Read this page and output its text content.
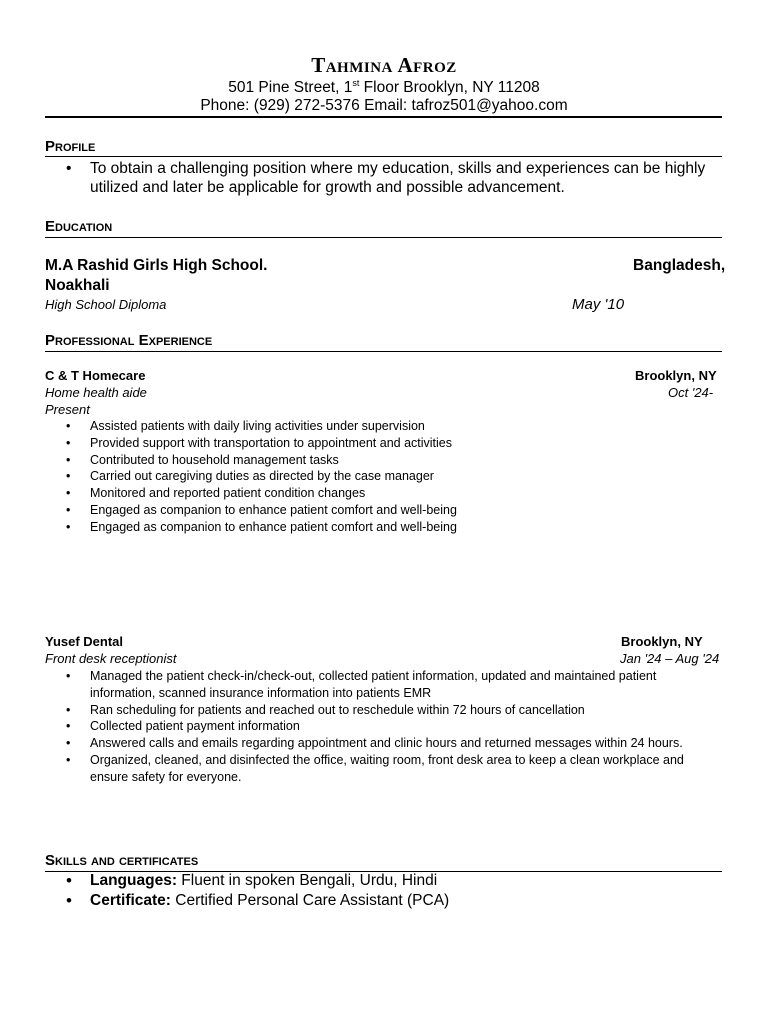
Tahmina Afroz
501 Pine Street, 1st Floor Brooklyn, NY 11208
Phone: (929) 272-5376 Email: tafroz501@yahoo.com
Profile
• To obtain a challenging position where my education, skills and experiences can be highly utilized and later be applicable for growth and possible advancement.
Education
M.A Rashid Girls High School.	Bangladesh,
Noakhali
High School Diploma	May '10
Professional Experience
C & T Homecare	Brooklyn, NY
Home health aide	Oct '24-
Present
• Assisted patients with daily living activities under supervision
• Provided support with transportation to appointment and activities
• Contributed to household management tasks
• Carried out caregiving duties as directed by the case manager
• Monitored and reported patient condition changes
• Engaged as companion to enhance patient comfort and well-being
• Engaged as companion to enhance patient comfort and well-being
Yusef Dental	Brooklyn, NY
Front desk receptionist	Jan '24 – Aug '24
• Managed the patient check-in/check-out, collected patient information, updated and maintained patient information, scanned insurance information into patients EMR
• Ran scheduling for patients and reached out to reschedule within 72 hours of cancellation
• Collected patient payment information
• Answered calls and emails regarding appointment and clinic hours and returned messages within 24 hours.
• Organized, cleaned, and disinfected the office, waiting room, front desk area to keep a clean workplace and ensure safety for everyone.
Skills and certificates
• Languages: Fluent in spoken Bengali, Urdu, Hindi
• Certificate: Certified Personal Care Assistant (PCA)
